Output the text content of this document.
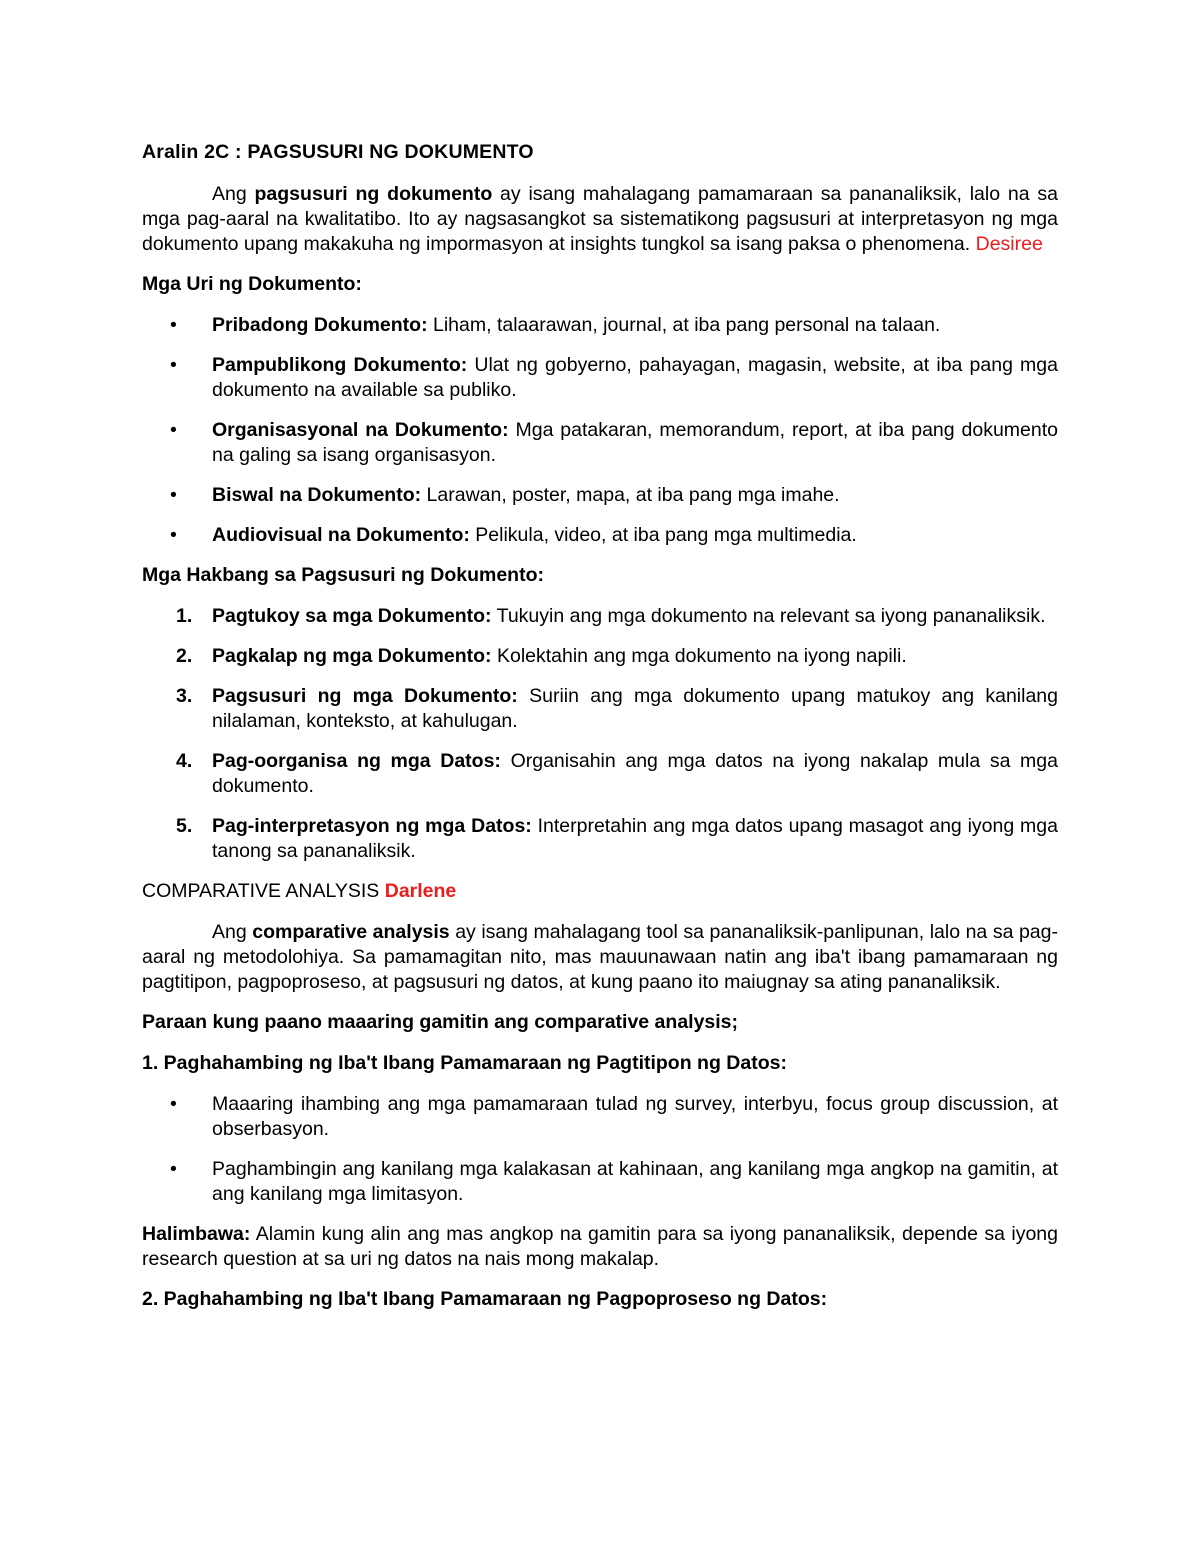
Aralin 2C : PAGSUSURI NG DOKUMENTO

Ang pagsusuri ng dokumento ay isang mahalagang pamamaraan sa pananaliksik, lalo na sa mga pag-aaral na kwalitatibo. Ito ay nagsasangkot sa sistematikong pagsusuri at interpretasyon ng mga dokumento upang makakuha ng impormasyon at insights tungkol sa isang paksa o phenomena. Desiree

Mga Uri ng Dokumento:

• Pribadong Dokumento: Liham, talaarawan, journal, at iba pang personal na talaan.
• Pampublikong Dokumento: Ulat ng gobyerno, pahayagan, magasin, website, at iba pang mga dokumento na available sa publiko.
• Organisasyonal na Dokumento: Mga patakaran, memorandum, report, at iba pang dokumento na galing sa isang organisasyon.
• Biswal na Dokumento: Larawan, poster, mapa, at iba pang mga imahe.
• Audiovisual na Dokumento: Pelikula, video, at iba pang mga multimedia.

Mga Hakbang sa Pagsusuri ng Dokumento:

1. Pagtukoy sa mga Dokumento: Tukuyin ang mga dokumento na relevant sa iyong pananaliksik.
2. Pagkalap ng mga Dokumento: Kolektahin ang mga dokumento na iyong napili.
3. Pagsusuri ng mga Dokumento: Suriin ang mga dokumento upang matukoy ang kanilang nilalaman, konteksto, at kahulugan.
4. Pag-oorganisa ng mga Datos: Organisahin ang mga datos na iyong nakalap mula sa mga dokumento.
5. Pag-interpretasyon ng mga Datos: Interpretahin ang mga datos upang masagot ang iyong mga tanong sa pananaliksik.

COMPARATIVE ANALYSIS Darlene

Ang comparative analysis ay isang mahalagang tool sa pananaliksik-panlipunan, lalo na sa pag-aaral ng metodolohiya. Sa pamamagitan nito, mas mauunawaan natin ang iba't ibang pamamaraan ng pagtitipon, pagpoproseso, at pagsusuri ng datos, at kung paano ito maiugnay sa ating pananaliksik.

Paraan kung paano maaaring gamitin ang comparative analysis;

1. Paghahambing ng Iba't Ibang Pamamaraan ng Pagtitipon ng Datos:

• Maaaring ihambing ang mga pamamaraan tulad ng survey, interbyu, focus group discussion, at obserbasyon.
• Paghambingin ang kanilang mga kalakasan at kahinaan, ang kanilang mga angkop na gamitin, at ang kanilang mga limitasyon.

Halimbawa: Alamin kung alin ang mas angkop na gamitin para sa iyong pananaliksik, depende sa iyong research question at sa uri ng datos na nais mong makalap.

2. Paghahambing ng Iba't Ibang Pamamaraan ng Pagpoproseso ng Datos:
